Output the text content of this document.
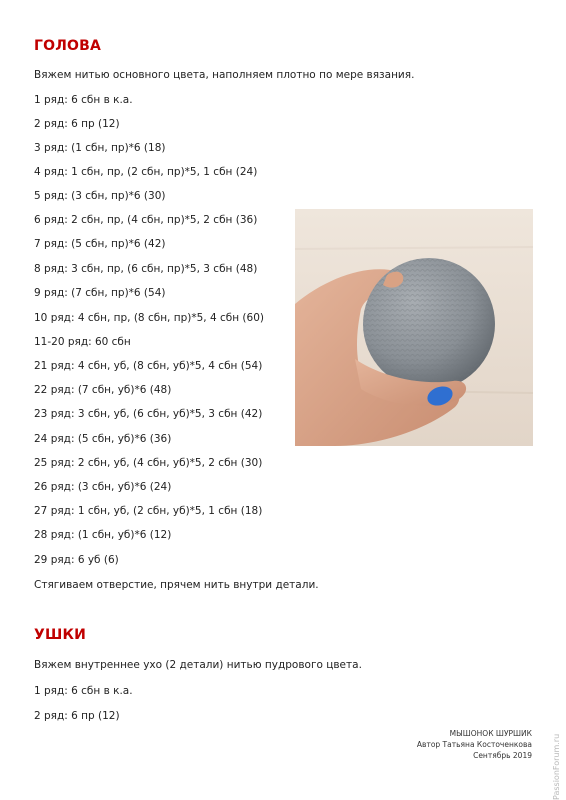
ГОЛОВА
Вяжем нитью основного цвета, наполняем плотно по мере вязания.
1 ряд: 6 сбн в к.а.
2 ряд: 6 пр (12)
3 ряд: (1 сбн, пр)*6 (18)
4 ряд: 1 сбн, пр, (2 сбн, пр)*5, 1 сбн (24)
5 ряд: (3 сбн, пр)*6 (30)
6 ряд: 2 сбн, пр, (4 сбн, пр)*5, 2 сбн (36)
7 ряд: (5 сбн, пр)*6 (42)
8 ряд: 3 сбн, пр, (6 сбн, пр)*5, 3 сбн (48)
9 ряд: (7 сбн, пр)*6 (54)
10 ряд: 4 сбн, пр, (8 сбн, пр)*5, 4 сбн (60)
11-20 ряд: 60 сбн
21 ряд: 4 сбн, уб, (8 сбн, уб)*5, 4 сбн (54)
22 ряд: (7 сбн, уб)*6 (48)
23 ряд: 3 сбн, уб, (6 сбн, уб)*5, 3 сбн (42)
24 ряд: (5 сбн, уб)*6 (36)
25 ряд: 2 сбн, уб, (4 сбн, уб)*5, 2 сбн (30)
26 ряд: (3 сбн, уб)*6 (24)
27 ряд: 1 сбн, уб, (2 сбн, уб)*5, 1 сбн (18)
28 ряд: (1 сбн, уб)*6 (12)
29 ряд: 6 уб (6)
Стягиваем отверстие, прячем нить внутри детали.
УШКИ
Вяжем внутреннее ухо (2 детали) нитью пудрового цвета.
1 ряд: 6 сбн в к.а.
2 ряд: 6 пр (12)
МЫШОНОК ШУРШИК
Автор Татьяна Косточенкова
Сентябрь 2019	PassionForum.ru
